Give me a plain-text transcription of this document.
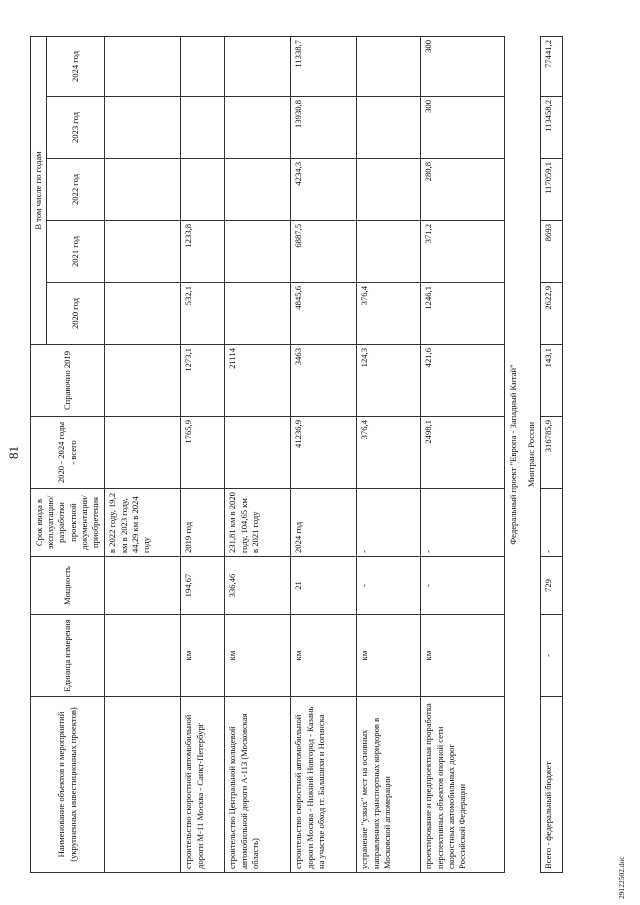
81
Наименование объектов и мероприятий (укрупненных инвестиционных проектов)	Единица измерения	Мощность	Срок ввода в эксплуатацию/ разработки проектной документации/ приобретения	2020 - 2024 годы - всего	Справочно 2019	В том числе по годам				
						2020 год	2021 год	2022 год	2023 год	2024 год
			в 2022 году, 19,2 км в 2023 году, 44,29 км в 2024 году							
строительство скоростной автомобильной дороги М-11 Москва - Санкт-Петербург	км	194,67	2019 год	1765,9	1273,1	532,1	1233,8			
строительство Центральной кольцевой автомобильной дороги А-113 (Московская область)	км	336,46	231,81 км в 2020 году, 104,65 км в 2021 году		21114					
строительство скоростной автомобильной дороги Москва - Нижний Новгород - Казань на участке обход гг. Балашихи и Ногинска	км	21	2024 год	41236,9	3463	4845,6	6887,5	4234,3	13930,8	11338,7
устранение "узких" мест на основных направлениях транспортных коридоров в Московской агломерации	км	-	-	376,4	124,3	376,4				
проектирование и предпроектная проработка перспективных объектов опорной сети скоростных автомобильных дорог Российской Федерации	км	-	-	2498,1	421,6	1246,1	371,2	280,8	300	300
Федеральный проект "Европа - Западный Китай"										
Минтранс России										
Всего - федеральный бюджет	-	729	-	316785,9	143,1	2622,9	8693	117059,1	113458,2	77441,2
29122502.doc
